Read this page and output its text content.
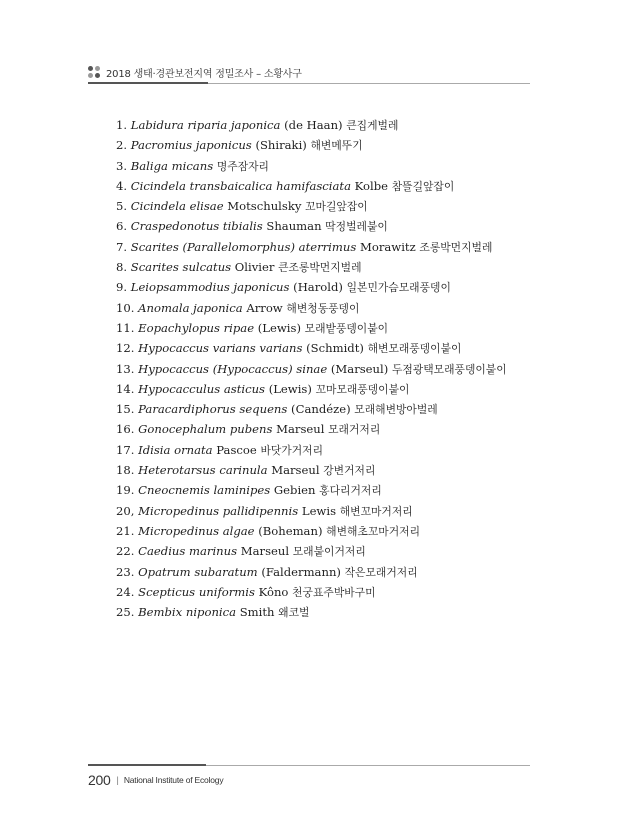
2018 생태·경관보전지역 정밀조사 – 소황사구
1. Labidura riparia japonica (de Haan) 큰집게벌레
2. Pacromius japonicus (Shiraki) 해변메뚜기
3. Baliga micans 명주잠자리
4. Cicindela transbaicalica hamifasciata Kolbe 참뜰길앞잡이
5. Cicindela elisae Motschulsky 꼬마길앞잡이
6. Craspedonotus tibialis Shauman 딱정벌레붙이
7. Scarites (Parallelomorphus) aterrimus Morawitz 조롱박먼지벌레
8. Scarites sulcatus Olivier 큰조롱박먼지벌레
9. Leiopsammodius japonicus (Harold) 일본민가슴모래풍뎅이
10. Anomala japonica Arrow 해변청동풍뎅이
11. Eopachylopus ripae (Lewis) 모래밭풍뎅이붙이
12. Hypocaccus varians varians (Schmidt) 해변모래풍뎅이붙이
13. Hypocaccus (Hypocaccus) sinae (Marseul) 두점광택모래풍뎅이붙이
14. Hypocacculus asticus (Lewis) 꼬마모래풍뎅이붙이
15. Paracardiphorus sequens (Candéze) 모래해변방아벌레
16. Gonocephalum pubens Marseul 모래거저리
17. Idisia ornata Pascoe 바닷가거저리
18. Heterotarsus carinula Marseul 강변거저리
19. Cneocnemis laminipes Gebien 홍다리거저리
20, Micropedinus pallidipennis Lewis 해변꼬마거저리
21. Micropedinus algae (Boheman) 해변해초꼬마거저리
22. Caedius marinus Marseul 모래붙이거저리
23. Opatrum subaratum (Faldermann) 작은모래거저리
24. Scepticus uniformis Kôno 천궁표주박바구미
25. Bembix niponica Smith 왜코벌
200 | National Institute of Ecology
